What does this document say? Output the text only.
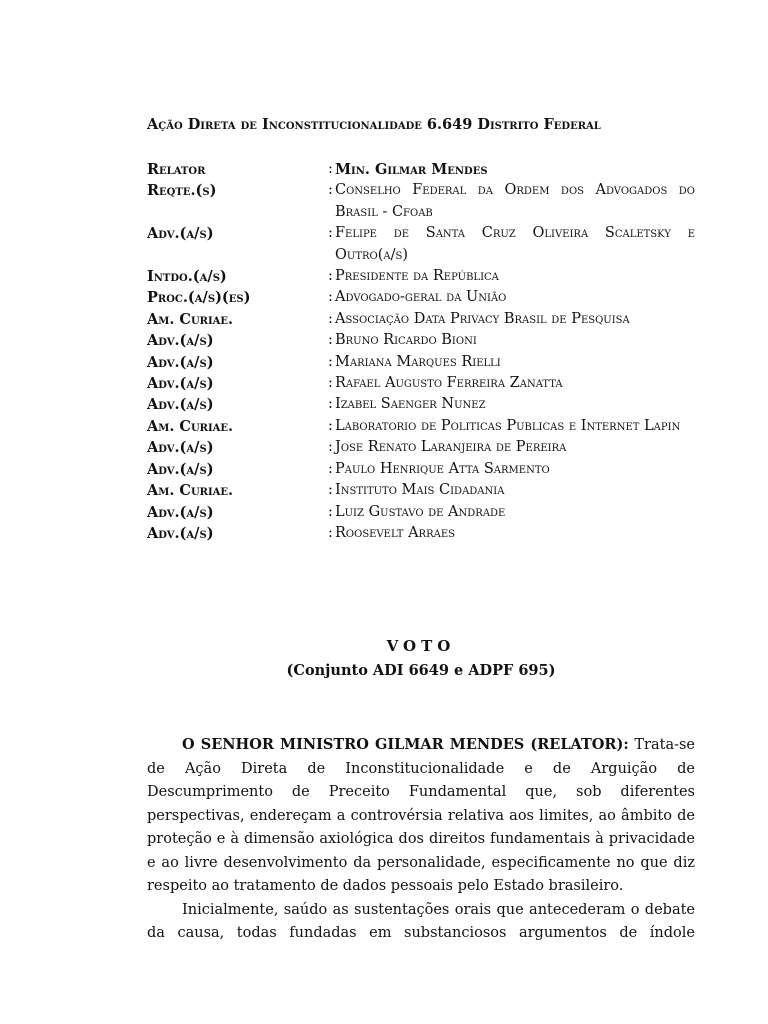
Ação Direta de Inconstitucionalidade 6.649 Distrito Federal
Relator	: Min. Gilmar Mendes
Reqte.(s)	: Conselho Federal da Ordem dos Advogados do Brasil - Cfoab
Adv.(a/s)	: Felipe de Santa Cruz Oliveira Scaletsky e Outro(a/s)
Intdo.(a/s)	: Presidente da República
Proc.(a/s)(es)	: Advogado-geral da União
Am. Curiae.	: Associação Data Privacy Brasil de Pesquisa
Adv.(a/s)	: Bruno Ricardo Bioni
Adv.(a/s)	: Mariana Marques Rielli
Adv.(a/s)	: Rafael Augusto Ferreira Zanatta
Adv.(a/s)	: Izabel Saenger Nunez
Am. Curiae.	: Laboratorio de Politicas Publicas e Internet Lapin
Adv.(a/s)	: Jose Renato Laranjeira de Pereira
Adv.(a/s)	: Paulo Henrique Atta Sarmento
Am. Curiae.	: Instituto Mais Cidadania
Adv.(a/s)	: Luiz Gustavo de Andrade
Adv.(a/s)	: Roosevelt Arraes
VOTO
(Conjunto ADI 6649 e ADPF 695)

O SENHOR MINISTRO GILMAR MENDES (RELATOR): Trata-se de Ação Direta de Inconstitucionalidade e de Arguição de Descumprimento de Preceito Fundamental que, sob diferentes perspectivas, endereçam a controvérsia relativa aos limites, ao âmbito de proteção e à dimensão axiológica dos direitos fundamentais à privacidade e ao livre desenvolvimento da personalidade, especificamente no que diz respeito ao tratamento de dados pessoais pelo Estado brasileiro.

Inicialmente, saúdo as sustentações orais que antecederam o debate da causa, todas fundadas em substanciosos argumentos de índole
